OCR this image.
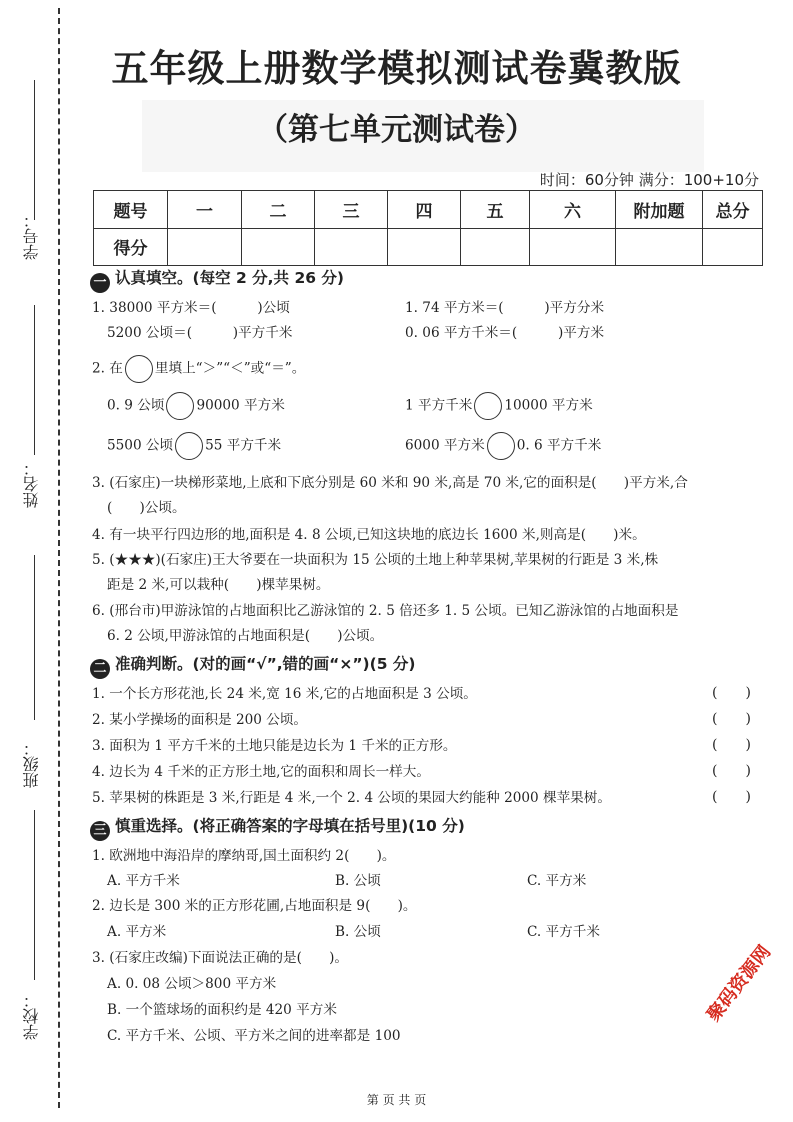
学号：
姓名：
班级：
学校：
五年级上册数学模拟测试卷冀教版
（第七单元测试卷）
时间：60分钟 满分：100+10分
题号	一	二	三	四	五	六	附加题	总分
得分								
一 认真填空。(每空 2 分,共 26 分)
1. 38000 平方米＝(　　　)公顷	1. 74 平方米＝(　　　)平方分米
5200 公顷＝(　　　)平方千米	0. 06 平方千米＝(　　　)平方米
2. 在 里填上“＞”“＜”或“＝”。
0. 9 公顷 90000 平方米	1 平方千米 10000 平方米
5500 公顷 55 平方千米	6000 平方米 0. 6 平方千米
3. (石家庄)一块梯形菜地,上底和下底分别是 60 米和 90 米,高是 70 米,它的面积是(　　)平方米,合
(　　)公顷。
4. 有一块平行四边形的地,面积是 4. 8 公顷,已知这块地的底边长 1600 米,则高是(　　)米。
5. (★★★)(石家庄)王大爷要在一块面积为 15 公顷的土地上种苹果树,苹果树的行距是 3 米,株
距是 2 米,可以栽种(　　)棵苹果树。
6. (邢台市)甲游泳馆的占地面积比乙游泳馆的 2. 5 倍还多 1. 5 公顷。已知乙游泳馆的占地面积是
6. 2 公顷,甲游泳馆的占地面积是(　　)公顷。
二 准确判断。(对的画“√”,错的画“×”)(5 分)
1. 一个长方形花池,长 24 米,宽 16 米,它的占地面积是 3 公顷。	(　　)
2. 某小学操场的面积是 200 公顷。	(　　)
3. 面积为 1 平方千米的土地只能是边长为 1 千米的正方形。	(　　)
4. 边长为 4 千米的正方形土地,它的面积和周长一样大。	(　　)
5. 苹果树的株距是 3 米,行距是 4 米,一个 2. 4 公顷的果园大约能种 2000 棵苹果树。	(　　)
三 慎重选择。(将正确答案的字母填在括号里)(10 分)
1. 欧洲地中海沿岸的摩纳哥,国土面积约 2(　　)。
A. 平方千米	B. 公顷	C. 平方米
2. 边长是 300 米的正方形花圃,占地面积是 9(　　)。
A. 平方米	B. 公顷	C. 平方千米
3. (石家庄改编)下面说法正确的是(　　)。
A. 0. 08 公顷＞800 平方米
B. 一个篮球场的面积约是 420 平方米
C. 平方千米、公顷、平方米之间的进率都是 100
聚码资源网
第 页 共 页
